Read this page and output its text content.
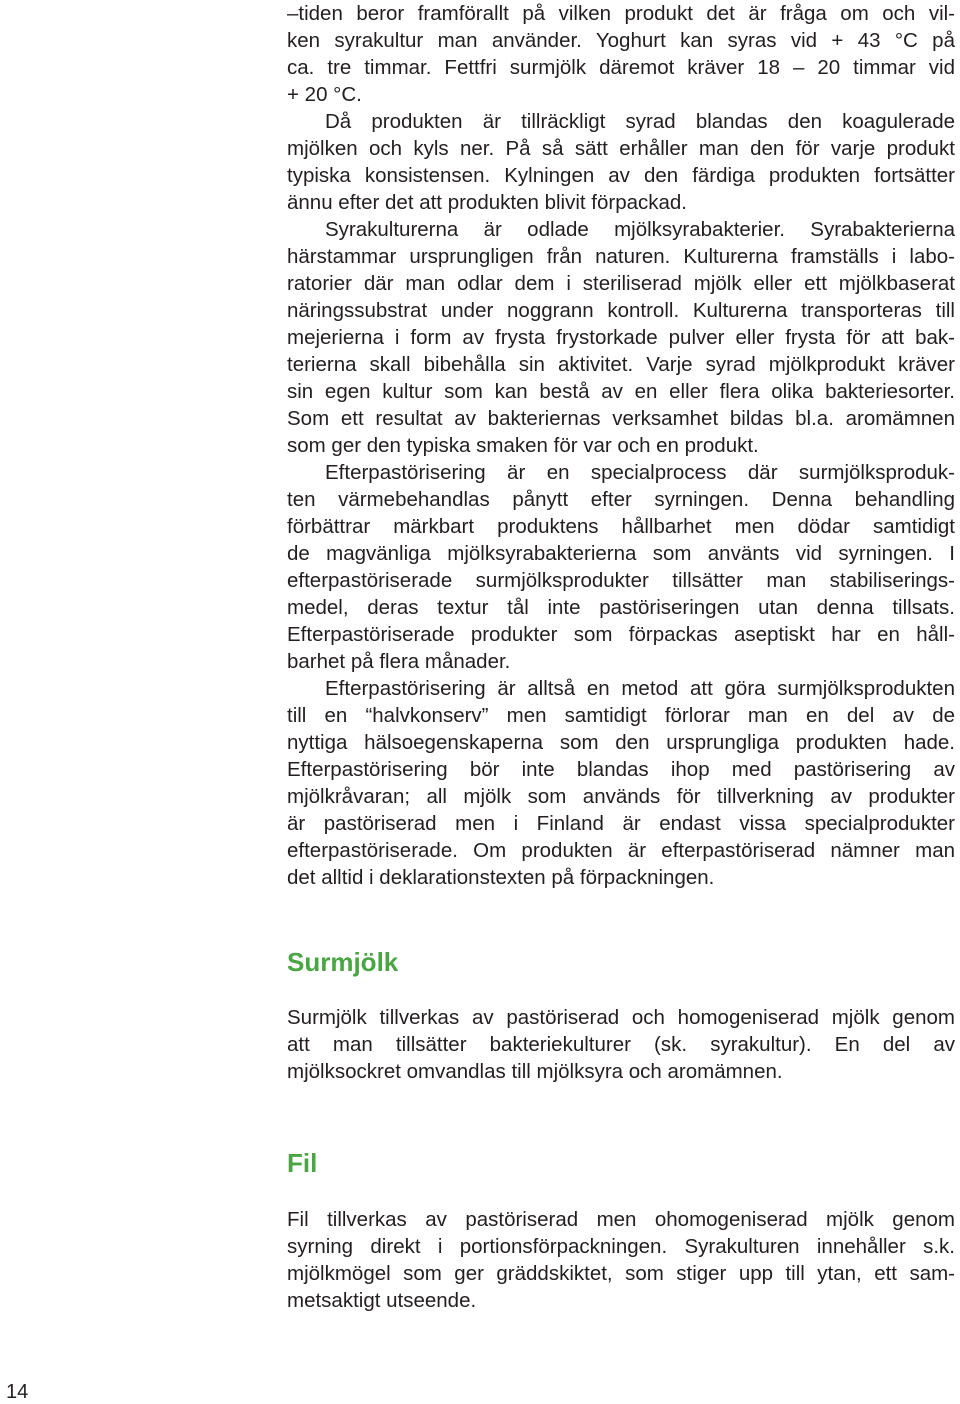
–tiden beror framförallt på vilken produkt det är fråga om och vil-
ken syrakultur man använder. Yoghurt kan syras vid + 43 °C på
ca. tre timmar. Fettfri surmjölk däremot kräver 18 – 20 timmar vid
+ 20 °C.
Då produkten är tillräckligt syrad blandas den koagulerade
mjölken och kyls ner. På så sätt erhåller man den för varje produkt
typiska konsistensen. Kylningen av den färdiga produkten fortsätter
ännu efter det att produkten blivit förpackad.
Syrakulturerna är odlade mjölksyrabakterier. Syrabakterierna
härstammar ursprungligen från naturen. Kulturerna framställs i labo-
ratorier där man odlar dem i steriliserad mjölk eller ett mjölkbaserat
näringssubstrat under noggrann kontroll. Kulturerna transporteras till
mejerierna i form av frysta frystorkade pulver eller frysta för att bak-
terierna skall bibehålla sin aktivitet. Varje syrad mjölkprodukt kräver
sin egen kultur som kan bestå av en eller flera olika bakteriesorter.
Som ett resultat av bakteriernas verksamhet bildas bl.a. aromämnen
som ger den typiska smaken för var och en produkt.
Efterpastörisering är en specialprocess där surmjölksproduk-
ten värmebehandlas pånytt efter syrningen. Denna behandling
förbättrar märkbart produktens hållbarhet men dödar samtidigt
de magvänliga mjölksyrabakterierna som använts vid syrningen. I
efterpastöriserade surmjölksprodukter tillsätter man stabiliserings-
medel, deras textur tål inte pastöriseringen utan denna tillsats.
Efterpastöriserade produkter som förpackas aseptiskt har en håll-
barhet på flera månader.
Efterpastörisering är alltså en metod att göra surmjölksprodukten
till en “halvkonserv” men samtidigt förlorar man en del av de
nyttiga hälsoegenskaperna som den ursprungliga produkten hade.
Efterpastörisering bör inte blandas ihop med pastörisering av
mjölkråvaran; all mjölk som används för tillverkning av produkter
är pastöriserad men i Finland är endast vissa specialprodukter
efterpastöriserade. Om produkten är efterpastöriserad nämner man
det alltid i deklarationstexten på förpackningen.
Surmjölk
Surmjölk tillverkas av pastöriserad och homogeniserad mjölk genom
att man tillsätter bakteriekulturer (sk. syrakultur). En del av
mjölksockret omvandlas till mjölksyra och aromämnen.
Fil
Fil tillverkas av pastöriserad men ohomogeniserad mjölk genom
syrning direkt i portionsförpackningen. Syrakulturen innehåller s.k.
mjölkmögel som ger gräddskiktet, som stiger upp till ytan, ett sam-
metsaktigt utseende.
14
